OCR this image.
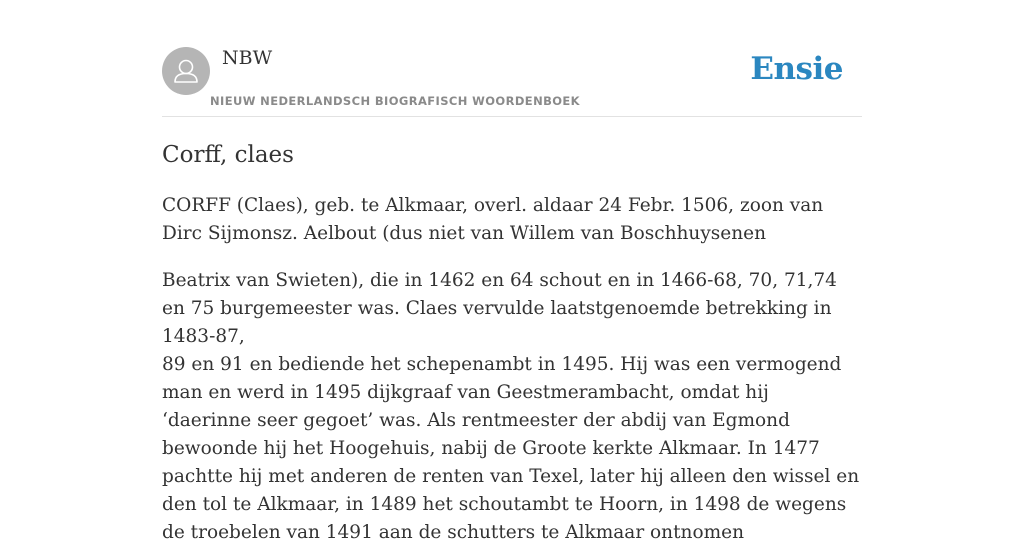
NBW
NIEUW NEDERLANDSCH BIOGRAFISCH WOORDENBOEK
Ensie
Corff, claes

CORFF (Claes), geb. te Alkmaar, overl. aldaar 24 Febr. 1506, zoon van Dirc Sijmonsz. Aelbout (dus niet van Willem van Boschhuysenen

Beatrix van Swieten), die in 1462 en 64 schout en in 1466-68, 70, 71,74 en 75 burgemeester was. Claes vervulde laatstgenoemde betrekking in 1483-87,

89 en 91 en bediende het schepenambt in 1495. Hij was een vermogend man en werd in 1495 dijkgraaf van Geestmerambacht, omdat hij ‘daerinne seer gegoet’ was. Als rentmeester der abdij van Egmond bewoonde hij het Hoogehuis, nabij de Groote kerkte Alkmaar. In 1477 pachtte hij met anderen de renten van Texel, later hij alleen den wissel en den tol te Alkmaar, in 1489 het schoutambt te Hoorn, in 1498 de wegens de troebelen van 1491 aan de schutters te Alkmaar ontnomen
